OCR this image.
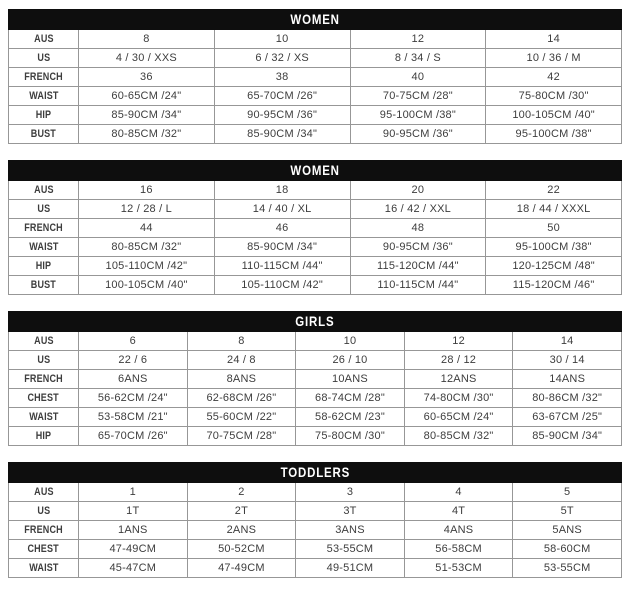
WOMEN				
AUS	8	10	12	14
US	4 / 30 / XXS	6 / 32 / XS	8 / 34 / S	10 / 36 / M
FRENCH	36	38	40	42
WAIST	60-65CM /24"	65-70CM /26"	70-75CM /28"	75-80CM /30"
HIP	85-90CM /34"	90-95CM /36"	95-100CM /38"	100-105CM /40"
BUST	80-85CM /32"	85-90CM /34"	90-95CM /36"	95-100CM /38"
WOMEN				
AUS	16	18	20	22
US	12 / 28 / L	14 / 40 / XL	16 / 42 / XXL	18 / 44 / XXXL
FRENCH	44	46	48	50
WAIST	80-85CM /32"	85-90CM /34"	90-95CM /36"	95-100CM /38"
HIP	105-110CM /42"	110-115CM /44"	115-120CM /44"	120-125CM /48"
BUST	100-105CM /40"	105-110CM /42"	110-115CM /44"	115-120CM /46"
GIRLS					
AUS	6	8	10	12	14
US	22 / 6	24 / 8	26 / 10	28 / 12	30 / 14
FRENCH	6ANS	8ANS	10ANS	12ANS	14ANS
CHEST	56-62CM /24"	62-68CM /26"	68-74CM /28"	74-80CM /30"	80-86CM /32"
WAIST	53-58CM /21"	55-60CM /22"	58-62CM /23"	60-65CM /24"	63-67CM /25"
HIP	65-70CM /26"	70-75CM /28"	75-80CM /30"	80-85CM /32"	85-90CM /34"
TODDLERS					
AUS	1	2	3	4	5
US	1T	2T	3T	4T	5T
FRENCH	1ANS	2ANS	3ANS	4ANS	5ANS
CHEST	47-49CM	50-52CM	53-55CM	56-58CM	58-60CM
WAIST	45-47CM	47-49CM	49-51CM	51-53CM	53-55CM
